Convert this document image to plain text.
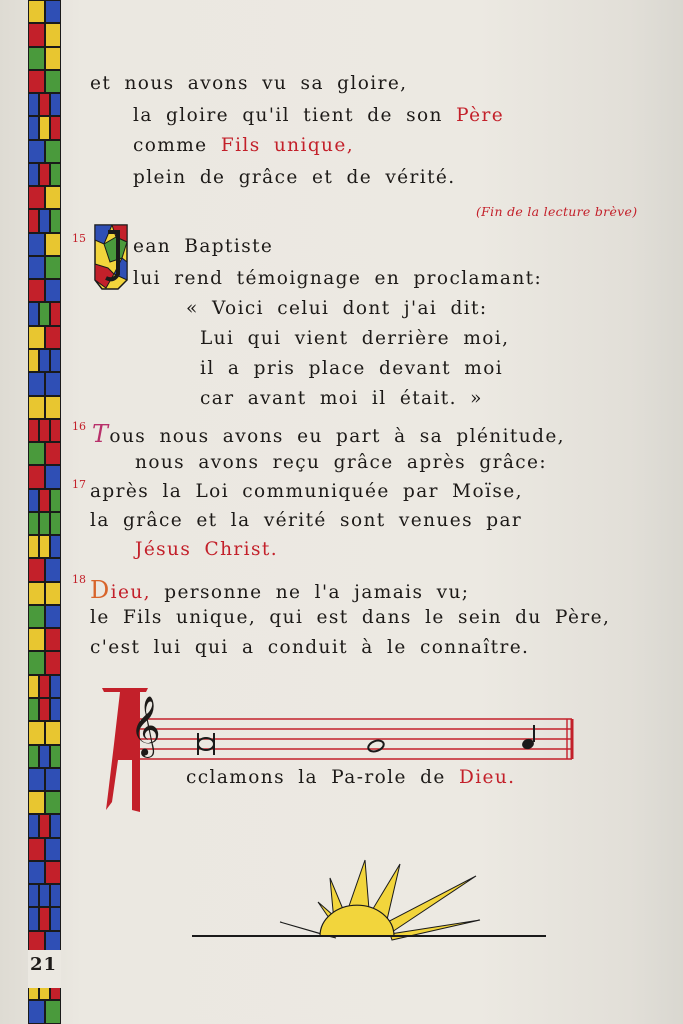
et nous avons vu sa gloire,
la gloire qu'il tient de son Père
comme Fils unique,
plein de grâce et de vérité.
(Fin de la lecture brève)
15	ean Baptiste
lui rend témoignage en proclamant:
« Voici celui dont j'ai dit:
Lui qui vient derrière moi,
il a pris place devant moi
car avant moi il était. »
16 Tous nous avons eu part à sa plénitude,
nous avons reçu grâce après grâce:
17 après la Loi communiquée par Moïse,
la grâce et la vérité sont venues par
Jésus Christ.
18 Dieu, personne ne l'a jamais vu;
le Fils unique, qui est dans le sein du Père,
c'est lui qui a conduit à le connaître.
𝄞
cclamons la Pa-role de Dieu.
21
